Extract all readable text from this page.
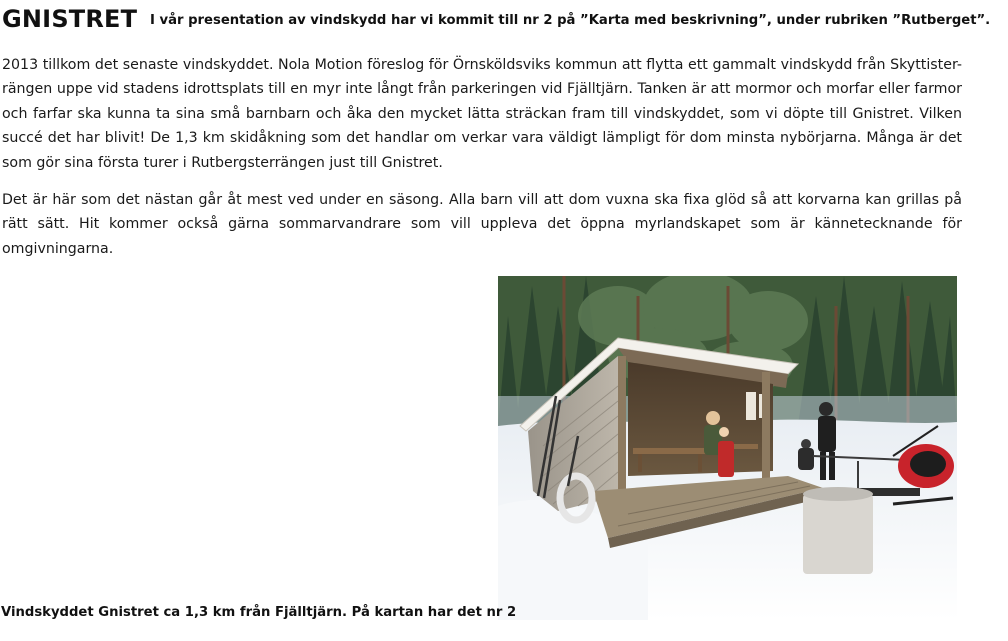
GNISTRET I vår presentation av vindskydd har vi kommit till nr 2 på ”Karta med beskrivning”, under rubriken ”Rutberget”.

2013 tillkom det senaste vindskyddet. Nola Motion föreslog för Örnsköldsviks kommun att flytta ett gammalt vindskydd från Skyttister-rängen uppe vid stadens idrottsplats till en myr inte långt från parkeringen vid Fjälltjärn. Tanken är att mormor och morfar eller farmor och farfar ska kunna ta sina små barnbarn och åka den mycket lätta sträckan fram till vindskyddet, som vi döpte till Gnistret. Vilken succé det har blivit! De 1,3 km skidåkning som det handlar om verkar vara väldigt lämpligt för dom minsta nybörjarna. Många är det som gör sina första turer i Rutbergsterrängen just till Gnistret.

Det är här som det nästan går åt mest ved under en säsong. Alla barn vill att dom vuxna ska fixa glöd så att korvarna kan grillas på rätt sätt. Hit kommer också gärna sommarvandrare som vill uppleva det öppna myrlandskapet som är kännetecknande för omgivningarna.

Vindskyddet Gnistret ca 1,3 km från Fjälltjärn. På kartan har det nr 2
